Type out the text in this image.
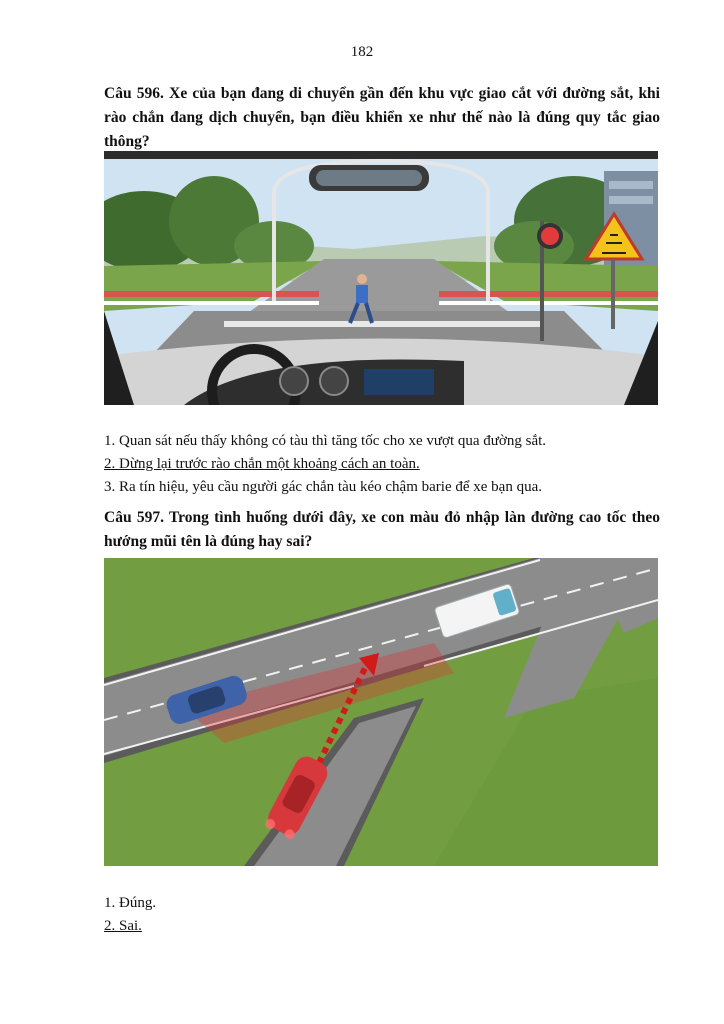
182
Câu 596. Xe của bạn đang di chuyển gần đến khu vực giao cắt với đường sắt, khi rào chắn đang dịch chuyển, bạn điều khiển xe như thế nào là đúng quy tắc giao thông?
1. Quan sát nếu thấy không có tàu thì tăng tốc cho xe vượt qua đường sắt.
2. Dừng lại trước rào chắn một khoảng cách an toàn.
3. Ra tín hiệu, yêu cầu người gác chắn tàu kéo chậm barie để xe bạn qua.
Câu 597. Trong tình huống dưới đây, xe con màu đỏ nhập làn đường cao tốc theo hướng mũi tên là đúng hay sai?
1. Đúng.
2. Sai.
